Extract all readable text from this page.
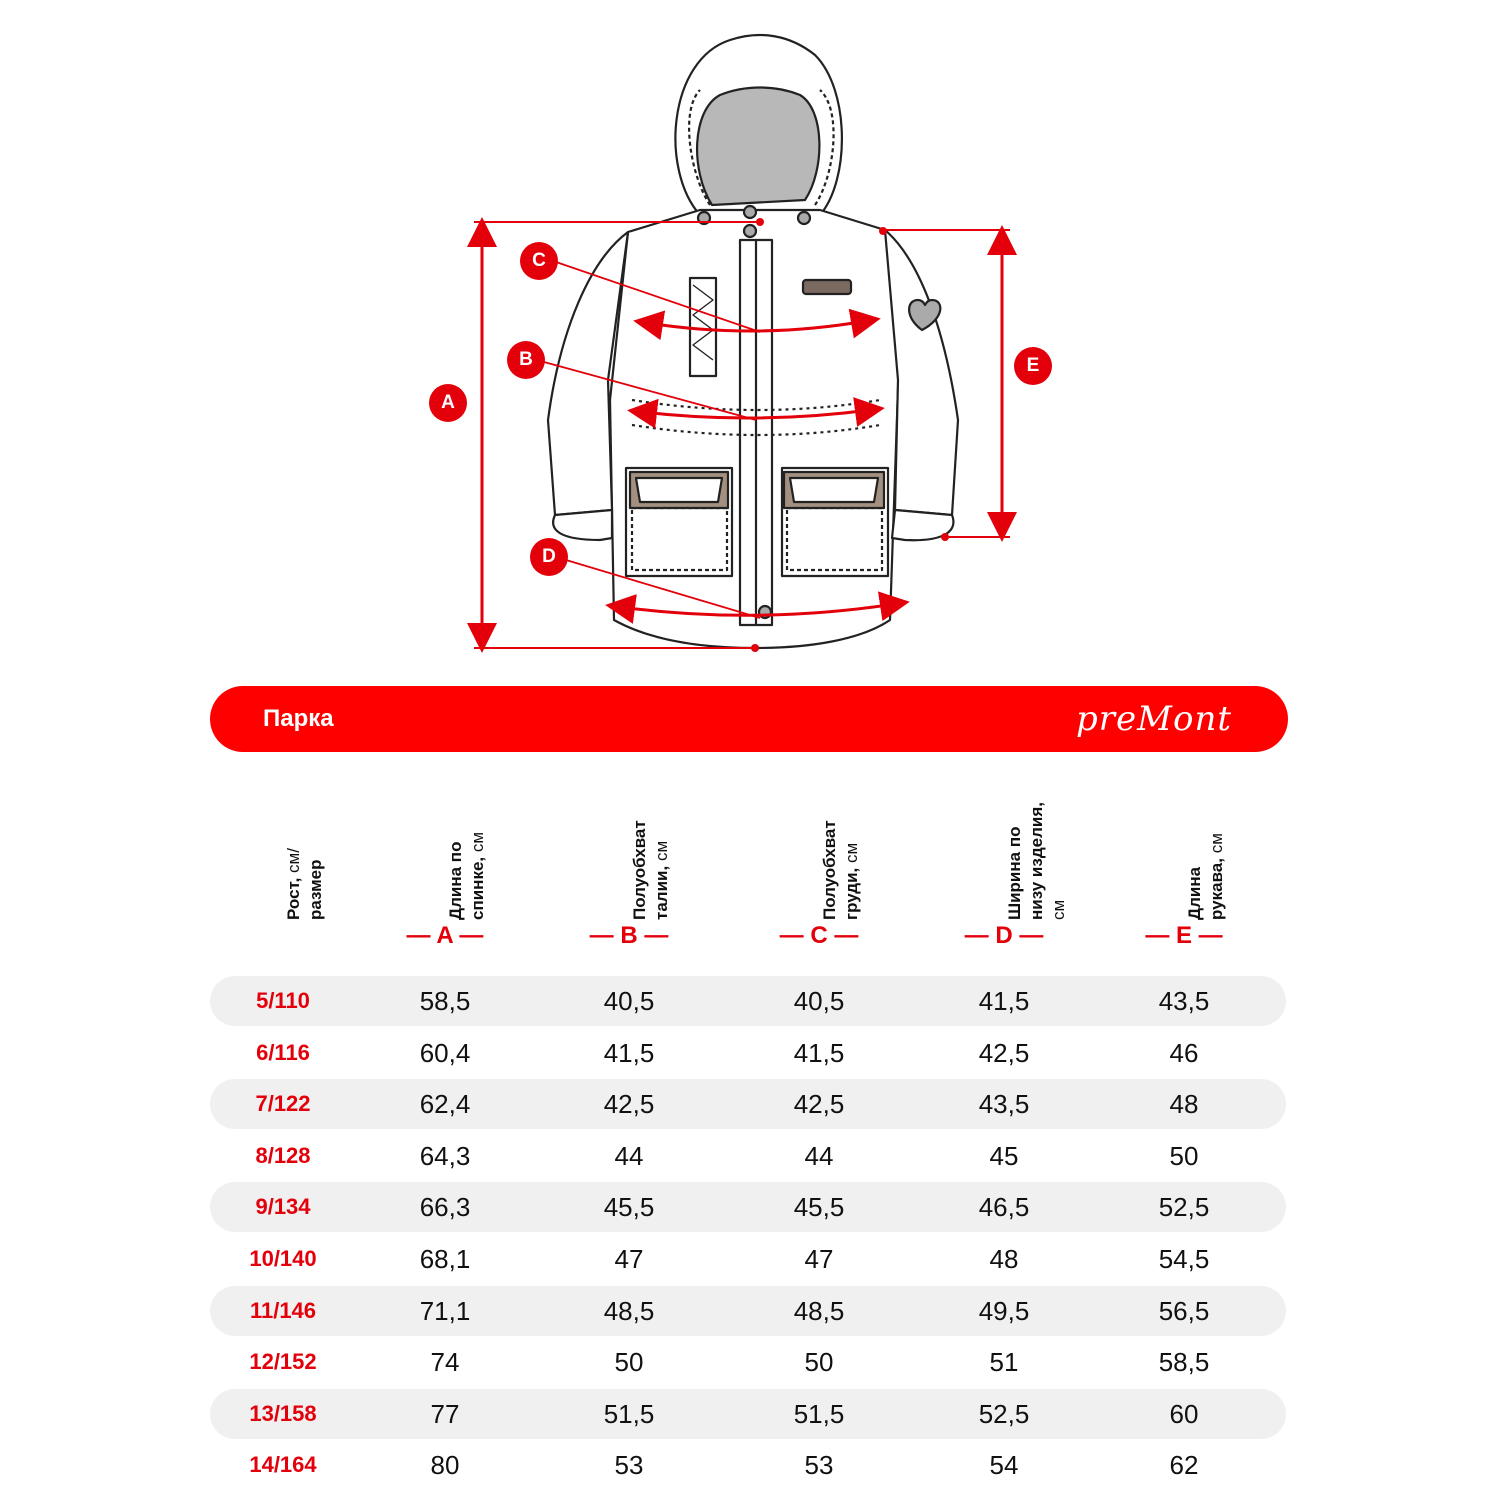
A
B
C
D
E
Парка	preMont
Рост, см/ размер	Длина по спинке, см	Полуобхват талии, см	Полуобхват груди, см	Ширина по низу изделия, см	Длина рукава, см
5/110	58,5	40,5	40,5	41,5	43,5
6/116	60,4	41,5	41,5	42,5	46
7/122	62,4	42,5	42,5	43,5	48
8/128	64,3	44	44	45	50
9/134	66,3	45,5	45,5	46,5	52,5
10/140	68,1	47	47	48	54,5
11/146	71,1	48,5	48,5	49,5	56,5
12/152	74	50	50	51	58,5
13/158	77	51,5	51,5	52,5	60
14/164	80	53	53	54	62
— A —	— B —	— C —	— D —	— E —
